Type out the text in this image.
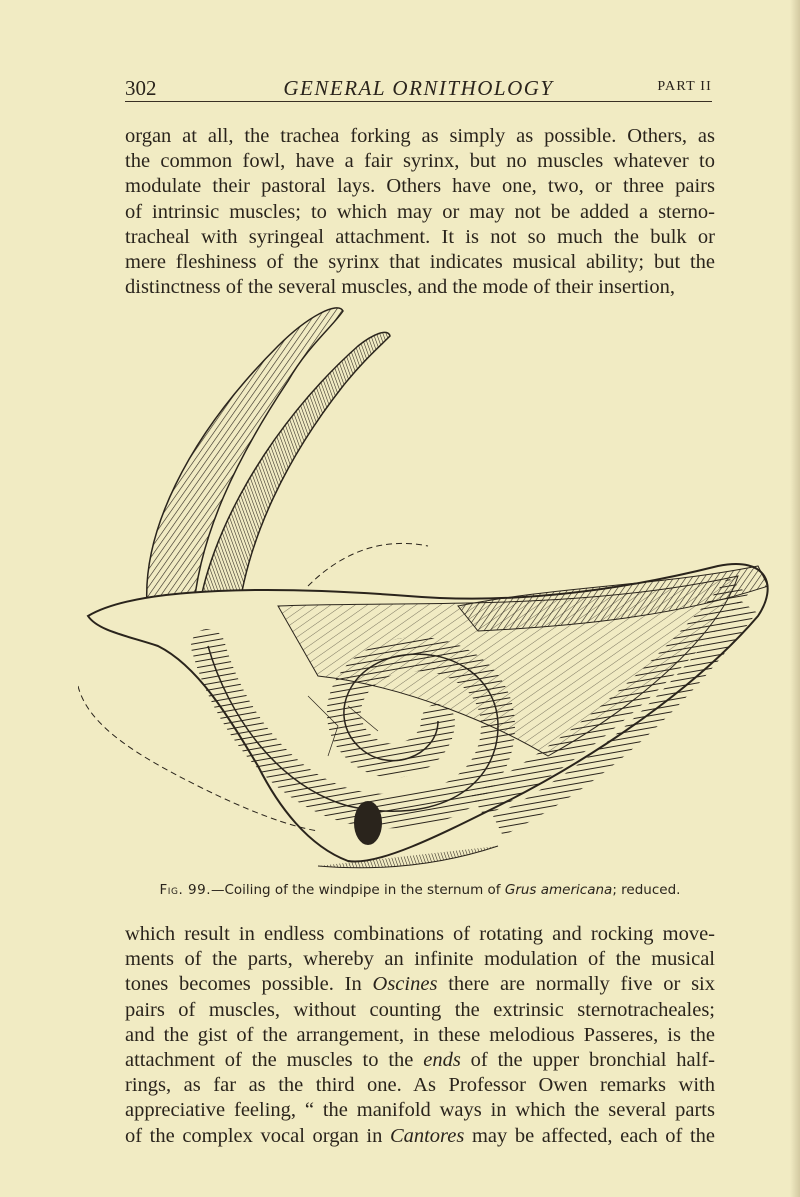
302	GENERAL ORNITHOLOGY	PART II

organ at all, the trachea forking as simply as possible. Others, as
the common fowl, have a fair syrinx, but no muscles whatever to
modulate their pastoral lays. Others have one, two, or three pairs
of intrinsic muscles; to which may or may not be added a sterno-
tracheal with syringeal attachment. It is not so much the bulk or
mere fleshiness of the syrinx that indicates musical ability; but the
distinctness of the several muscles, and the mode of their insertion,

Fig. 99.—Coiling of the windpipe in the sternum of Grus americana; reduced.

which result in endless combinations of rotating and rocking move-
ments of the parts, whereby an infinite modulation of the musical
tones becomes possible. In Oscines there are normally five or six
pairs of muscles, without counting the extrinsic sternotracheales;
and the gist of the arrangement, in these melodious Passeres, is the
attachment of the muscles to the ends of the upper bronchial half-
rings, as far as the third one. As Professor Owen remarks with
appreciative feeling, “ the manifold ways in which the several parts
of the complex vocal organ in Cantores may be affected, each of the
